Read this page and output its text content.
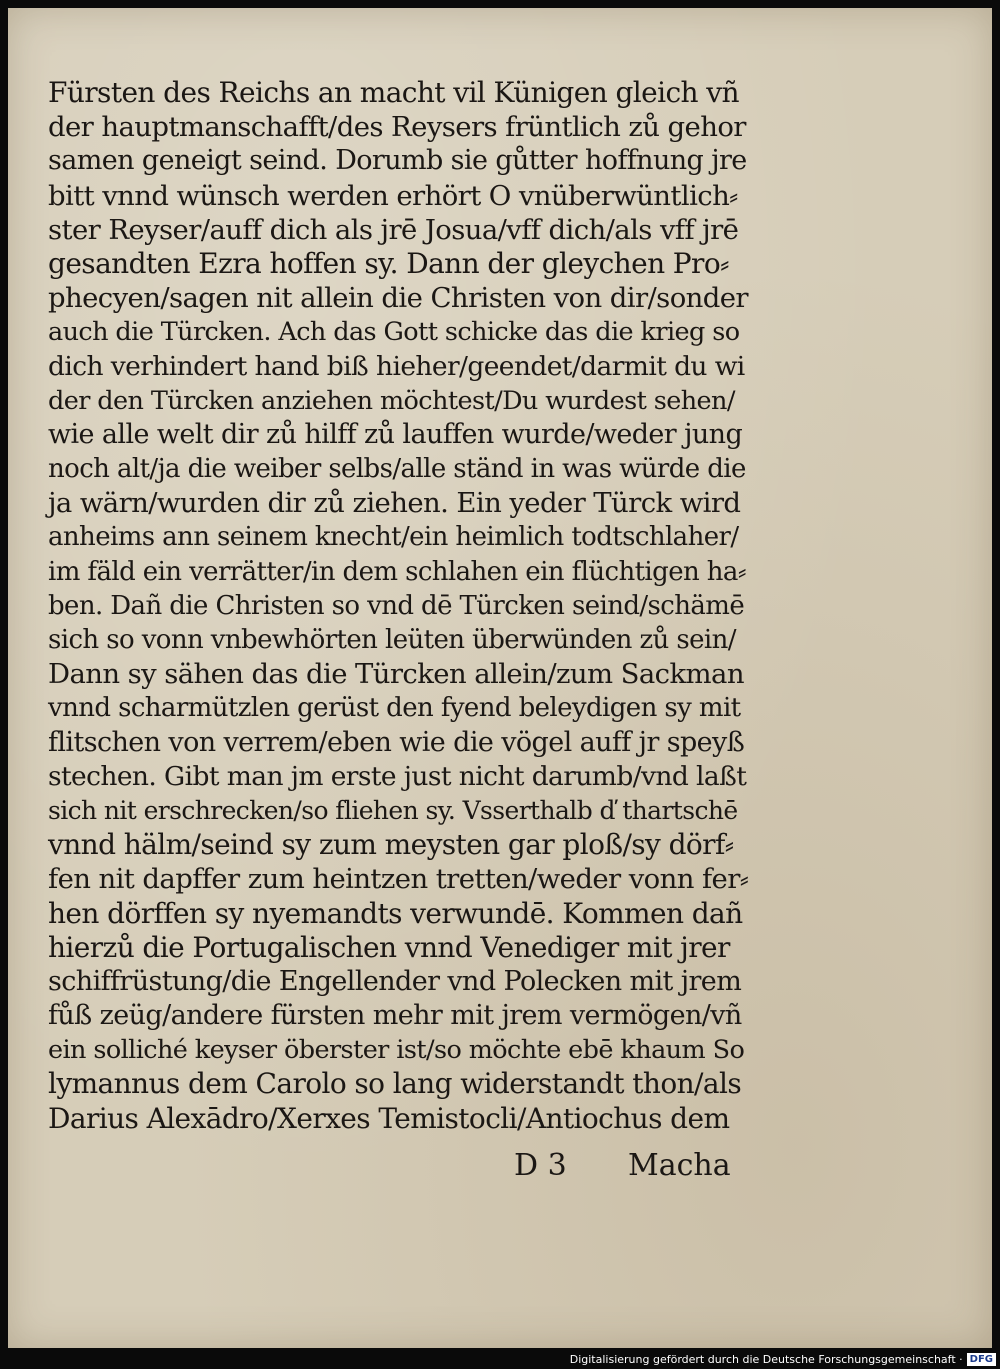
Fürsten des Reichs an macht vil Künigen gleich vñ
der hauptmanschafft/des Reysers früntlich zů gehor
samen geneigt seind. Dorumb sie gůtter hoffnung jre
bitt vnnd wünsch werden erhört O vnüberwüntlich⸗
ster Reyser/auff dich als jrē Josua/vff dich/als vff jrē
gesandten Ezra hoffen sy. Dann der gleychen Pro⸗
phecyen/sagen nit allein die Christen von dir/sonder
auch die Türcken. Ach das Gott schicke das die krieg so
dich verhindert hand biß hieher/geendet/darmit du wi
der den Türcken anziehen möchtest/Du wurdest sehen/
wie alle welt dir zů hilff zů lauffen wurde/weder jung
noch alt/ja die weiber selbs/alle ständ in was würde die
ja wärn/wurden dir zů ziehen. Ein yeder Türck wird
anheims ann seinem knecht/ein heimlich todtschlaher/
im fäld ein verrätter/in dem schlahen ein flüchtigen ha⸗
ben. Dañ die Christen so vnd dē Türcken seind/schämē
sich so vonn vnbewhörten leüten überwünden zů sein/
Dann sy sähen das die Türcken allein/zum Sackman
vnnd scharmützlen gerüst den fyend beleydigen sy mit
flitschen von verrem/eben wie die vögel auff jr speyß
stechen. Gibt man jm erste just nicht darumb/vnd laßt
sich nit erschrecken/so fliehen sy. Vsserthalb ď thartschē
vnnd hälm/seind sy zum meysten gar ploß/sy dörf⸗
fen nit dapffer zum heintzen tretten/weder vonn fer⸗
hen dörffen sy nyemandts verwundē. Kommen dañ
hierzů die Portugalischen vnnd Venediger mit jrer
schiffrüstung/die Engellender vnd Polecken mit jrem
fůß zeüg/andere fürsten mehr mit jrem vermögen/vñ
ein solliché keyser öberster ist/so möchte ebē khaum So
lymannus dem Carolo so lang widerstandt thon/als
Darius Alexādro/Xerxes Temistocli/Antiochus dem
D 3 Macha
Digitalisierung gefördert durch die Deutsche Forschungsgemeinschaft · DFG
